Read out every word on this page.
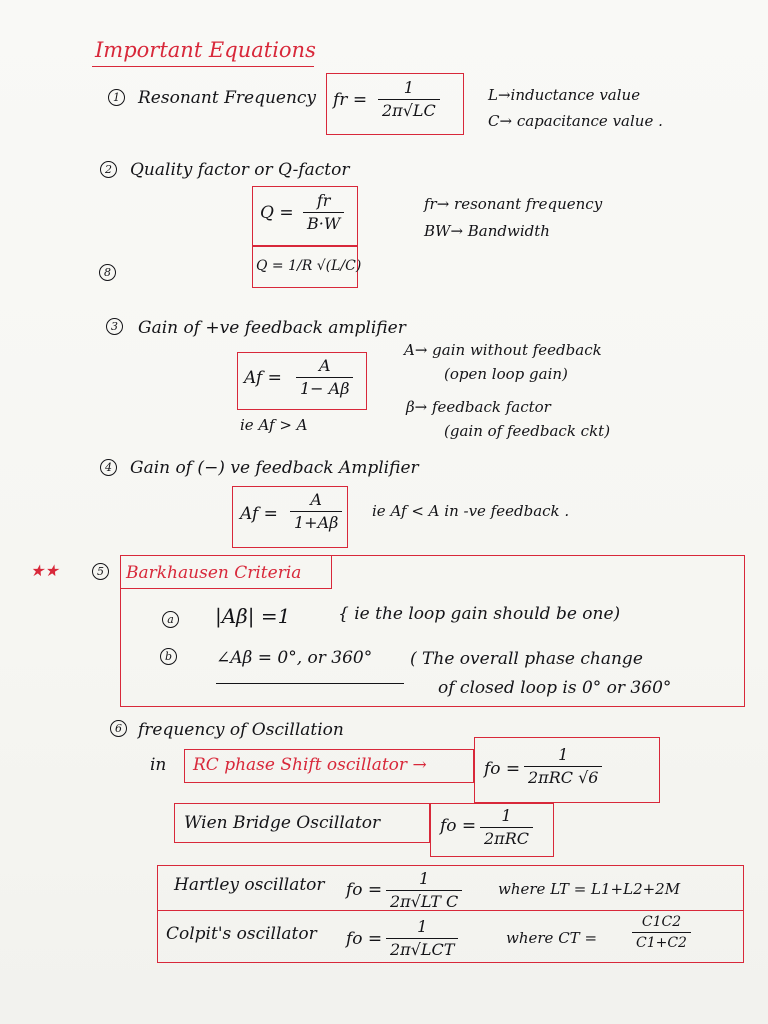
Important Equations
1 Resonant Frequency fr = $\frac{1}{2\pi√LC}$	L→inductance value
C→ capacitance value .
2 Quality factor or Q-factor
$Q = \frac{fr}{B\cdot W}$
Q = 1/R √(L/C)
8
fr→ resonant frequency
BW→ Bandwidth
3 Gain of +ve feedback amplifier
$Af = \frac{A}{1- A\beta}$
ie Af > A
A→ gain without feedback
(open loop gain)
β→ feedback factor
(gain of feedback ckt)
4 Gain of (−) ve feedback Amplifier
$Af = \frac{A}{1+A\beta}$ ie Af < A in -ve feedback .
★★	5 Barkhausen Criteria
a |Aβ| =1	{ ie the loop gain should be one)
b	∠Aβ = 0°, or 360° ( The overall phase change
of closed loop is 0° or 360°
6 frequency of Oscillation
in RC phase Shift oscillator →	fo =
1
2πRC √6
Wien Bridge Oscillator	fo =
1
2πRC
Hartley oscillator fo = $\frac{1}{\text{2π√LT C}}$ where LT = L1+L2+2M
Colpit's oscillator fo =
1
2π√LCT
where CT = $\frac{C1C2}{C1+C2}$
